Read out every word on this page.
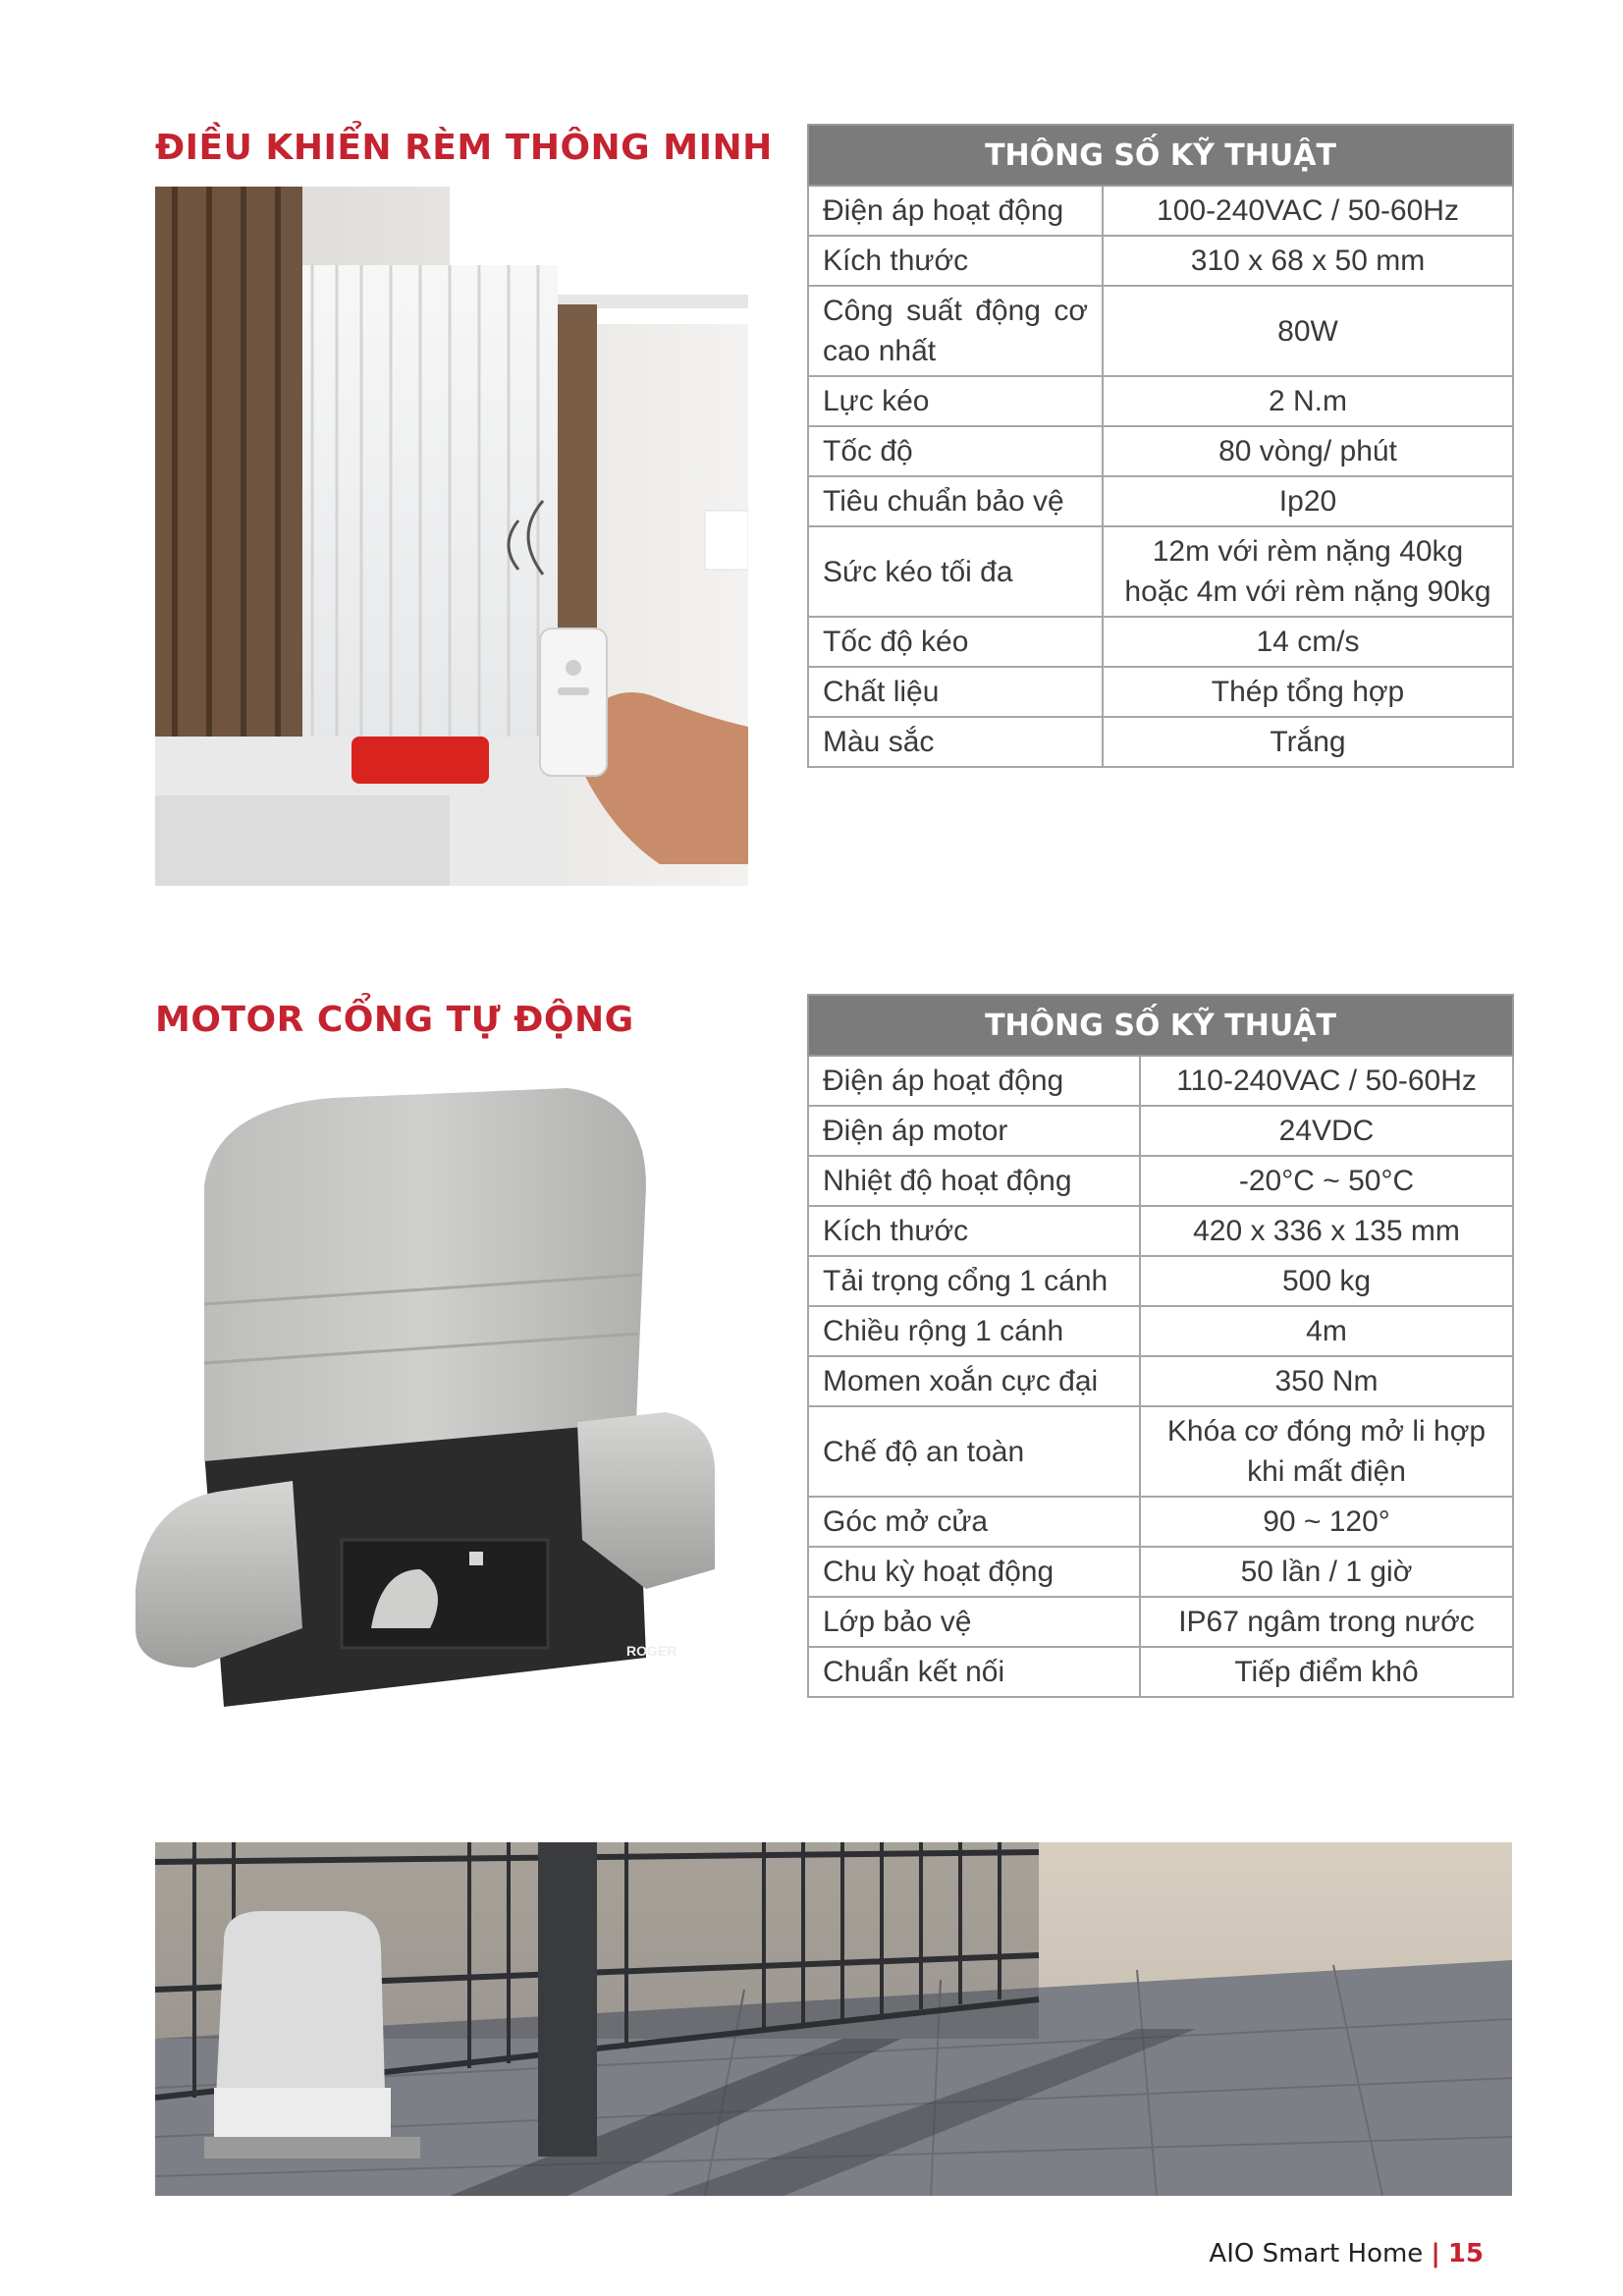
ĐIỀU KHIỂN RÈM THÔNG MINH	THÔNG SỐ KỸ THUẬT	
Điện áp hoạt động	100-240VAC / 50-60Hz
Kích thước	310 x 68 x 50 mm
Công suất động cơ cao nhất	80W
Lực kéo	2 N.m
Tốc độ	80 vòng/ phút
Tiêu chuẩn bảo vệ	Ip20
Sức kéo tối đa	12m với rèm nặng 40kg hoặc 4m với rèm nặng 90kg
Tốc độ kéo	14 cm/s
Chất liệu	Thép tổng hợp
Màu sắc	Trắng
MOTOR CỔNG TỰ ĐỘNG
ROGER
THÔNG SỐ KỸ THUẬT	
Điện áp hoạt động	110-240VAC / 50-60Hz
Điện áp motor	24VDC
Nhiệt độ hoạt động	-20°C ~ 50°C
Kích thước	420 x 336 x 135 mm
Tải trọng cổng 1 cánh	500 kg
Chiều rộng 1 cánh	4m
Momen xoắn cực đại	350 Nm
Chế độ an toàn	Khóa cơ đóng mở li hợp khi mất điện
Góc mở cửa	90 ~ 120°
Chu kỳ hoạt động	50 lần / 1 giờ
Lớp bảo vệ	IP67 ngâm trong nước
Chuẩn kết nối	Tiếp điểm khô
AIO Smart Home | 15
